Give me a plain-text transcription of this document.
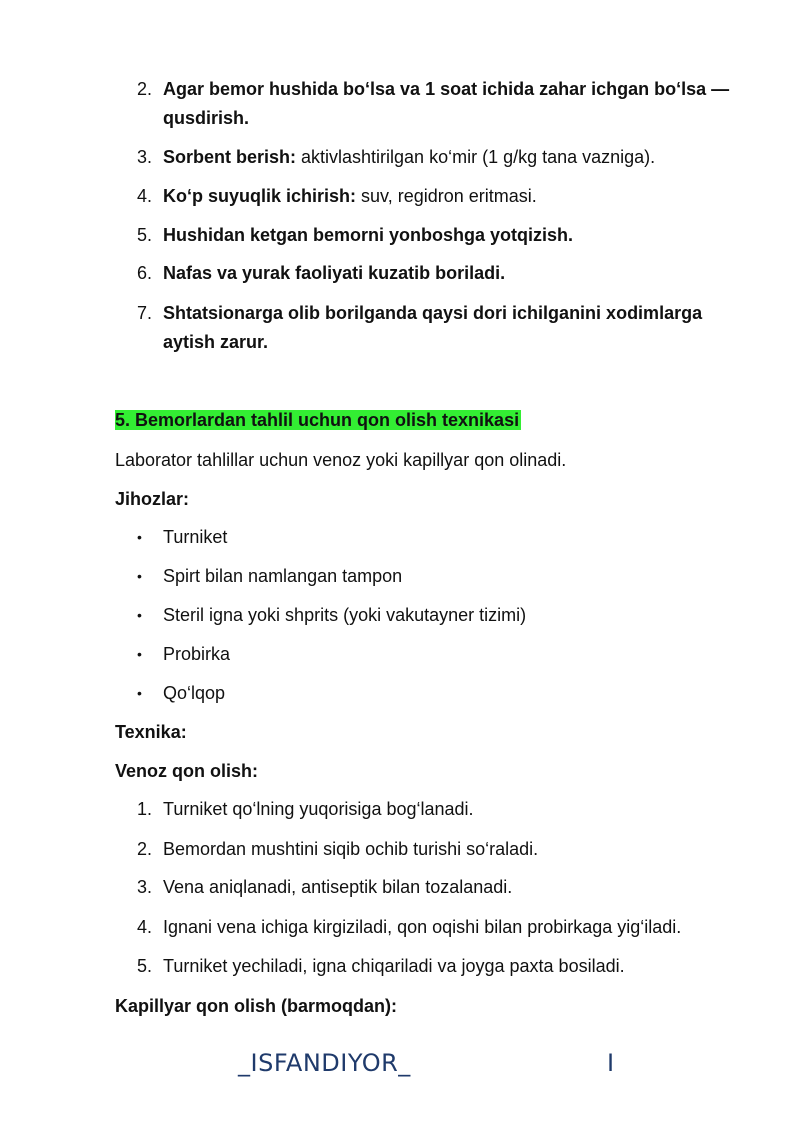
2. Agar bemor hushida bo‘lsa va 1 soat ichida zahar ichgan bo‘lsa — qusdirish.
3. Sorbent berish: aktivlashtirilgan ko‘mir (1 g/kg tana vazniga).
4. Ko‘p suyuqlik ichirish: suv, regidron eritmasi.
5. Hushidan ketgan bemorni yonboshga yotqizish.
6. Nafas va yurak faoliyati kuzatib boriladi.
7. Shtatsionarga olib borilganda qaysi dori ichilganini xodimlarga aytish zarur.
5. Bemorlardan tahlil uchun qon olish texnikasi
Laborator tahlillar uchun venoz yoki kapillyar qon olinadi.
Jihozlar:
• Turniket
• Spirt bilan namlangan tampon
• Steril igna yoki shprits (yoki vakutayner tizimi)
• Probirka
• Qo‘lqop
Texnika:
Venoz qon olish:
1. Turniket qo‘lning yuqorisiga bog‘lanadi.
2. Bemordan mushtini siqib ochib turishi so‘raladi.
3. Vena aniqlanadi, antiseptik bilan tozalanadi.
4. Ignani vena ichiga kirgiziladi, qon oqishi bilan probirkaga yig‘iladi.
5. Turniket yechiladi, igna chiqariladi va joyga paxta bosiladi.
Kapillyar qon olish (barmoqdan):
_ISFANDIYOR_	I
